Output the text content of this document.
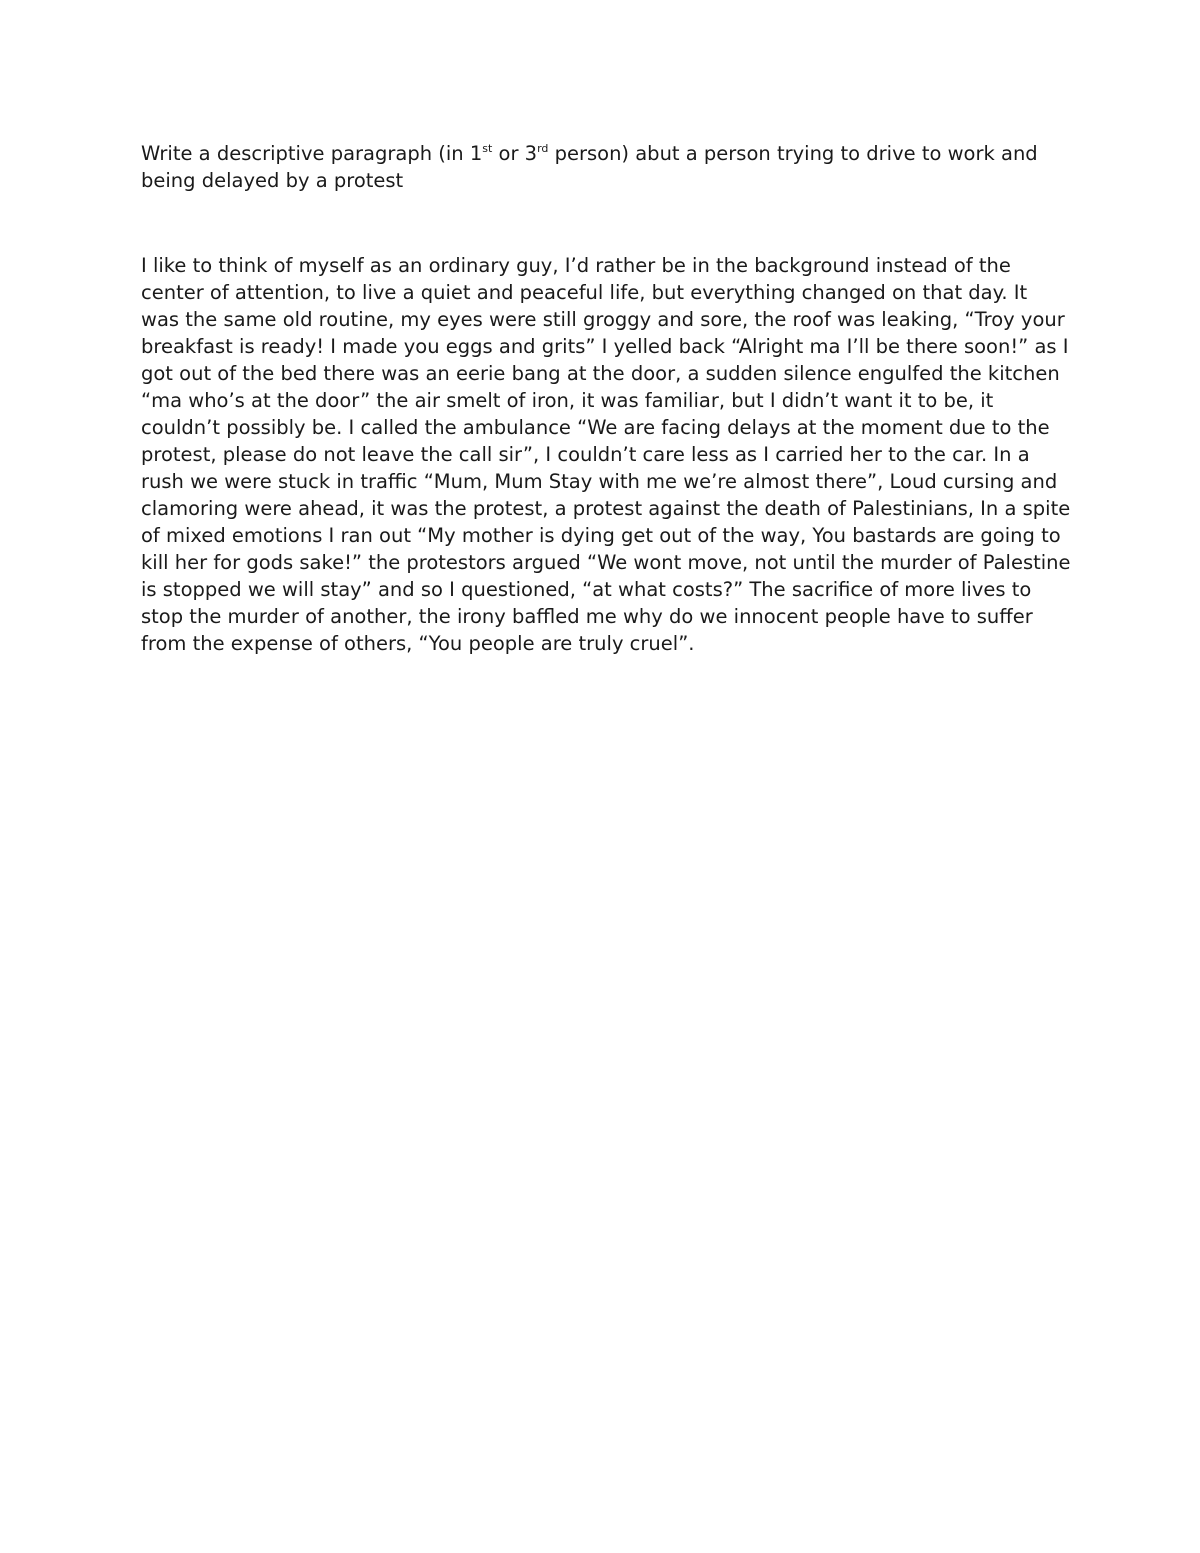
Write a descriptive paragraph (in 1st or 3rd person) abut a person trying to drive to work and being delayed by a protest

I like to think of myself as an ordinary guy, I’d rather be in the background instead of the center of attention, to live a quiet and peaceful life, but everything changed on that day. It was the same old routine, my eyes were still groggy and sore, the roof was leaking, “Troy your breakfast is ready! I made you eggs and grits” I yelled back “Alright ma I’ll be there soon!” as I got out of the bed there was an eerie bang at the door, a sudden silence engulfed the kitchen “ma who’s at the door” the air smelt of iron, it was familiar, but I didn’t want it to be, it couldn’t possibly be. I called the ambulance “We are facing delays at the moment due to the protest, please do not leave the call sir”, I couldn’t care less as I carried her to the car. In a rush we were stuck in traffic “Mum, Mum Stay with me we’re almost there”, Loud cursing and clamoring were ahead, it was the protest, a protest against the death of Palestinians, In a spite of mixed emotions I ran out “My mother is dying get out of the way, You bastards are going to kill her for gods sake!” the protestors argued “We wont move, not until the murder of Palestine is stopped we will stay” and so I questioned, “at what costs?” The sacrifice of more lives to stop the murder of another, the irony baffled me why do we innocent people have to suffer from the expense of others, “You people are truly cruel”.
